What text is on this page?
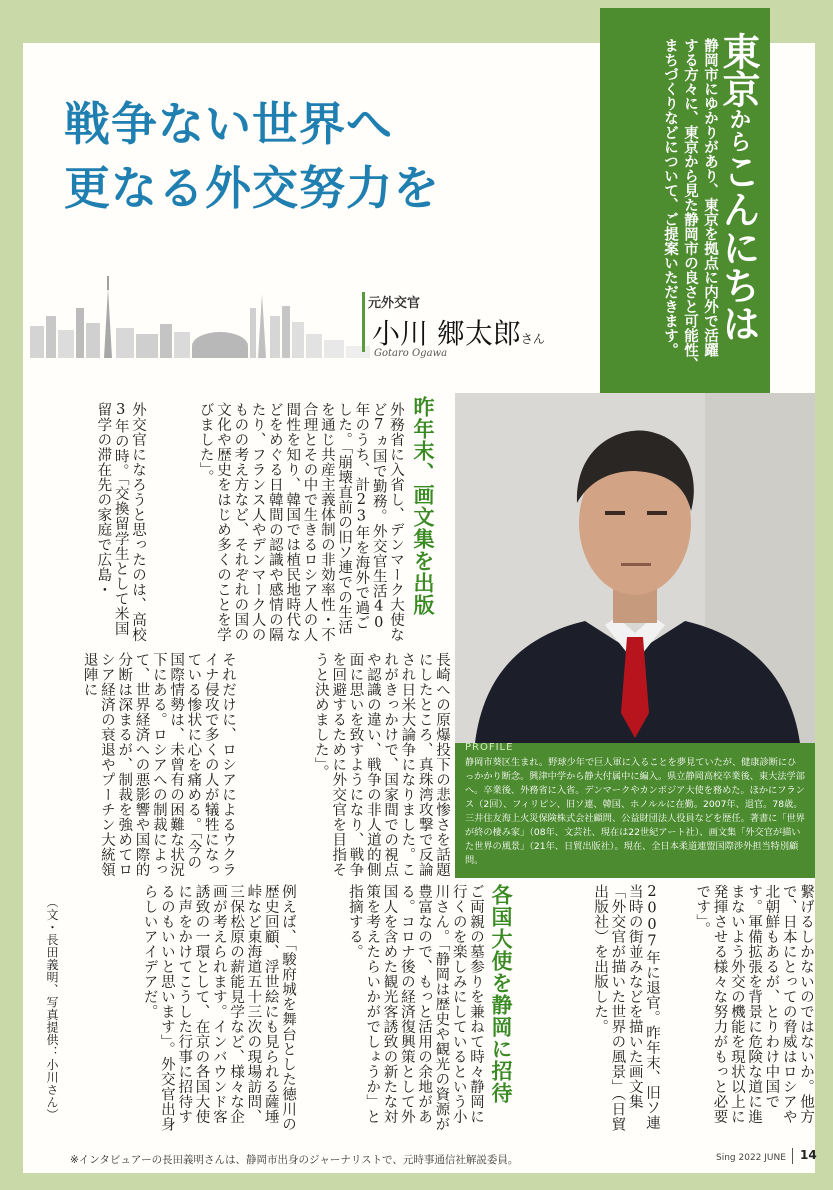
戦争ない世界へ
更なる外交努力を
元外交官
小川 郷太郎さん
Gotaro Ogawa
東京からこんにちは

静岡市にゆかりがあり、東京を拠点に内外で活躍

する方々に、東京から見た静岡市の良さと可能性、

まちづくりなどについて、ご提案いただきます。

PROFILE
静岡市葵区生まれ。野球少年で巨人軍に入ることを夢見ていたが、健康診断にひっかかり断念。興津中学から静大付属中に編入。県立静岡高校卒業後、東大法学部へ。卒業後、外務省に入省。デンマークやカンボジア大使を務めた。ほかにフランス（2回）、フィリピン、旧ソ連、韓国、ホノルルに在勤。2007年、退官。78歳。三井住友海上火災保険株式会社顧問、公益財団法人役員などを歴任。著書に「世界が終の棲み家」（08年、文芸社、現在は22世紀アート社）、画文集「外交官が描いた世界の風景」（21年、日貿出版社）。現在、全日本柔道連盟国際渉外担当特別顧問。
昨年末、画文集を出版
各国大使を静岡に招待

外務省に入省し、デンマーク大使など7ヵ国で勤務。外交官生活40年のうち、計23年を海外で過ごした。「崩壊直前の旧ソ連での生活を通じ共産主義体制の非効率性・不合理とその中で生きるロシア人の人間性を知り、韓国では植民地時代などをめぐる日韓間の認識や感情の隔たり、フランス人やデンマーク人のものの考え方など、それぞれの国の文化や歴史をはじめ多くのことを学びました」。

外交官になろうと思ったのは、高校3年の時。「交換留学生として米国留学の滞在先の家庭で広島・

長崎への原爆投下の悲惨さを話題にしたところ、真珠湾攻撃で反論され日米大論争になりました。これがきっかけで、国家間での視点や認識の違い、戦争の非人道的側面に思いを致すようになり、戦争を回避するために外交官を目指そうと決めました」。

それだけに、ロシアによるウクライナ侵攻で多くの人が犠牲になっている惨状に心を痛める。「今の国際情勢は、未曾有の困難な状況下にある。ロシアへの制裁によって、世界経済への悪影響や国際的分断は深まるが、制裁を強めてロシア経済の衰退やプーチン大統領退陣に

繋げるしかないのではないか。他方で、日本にとっての脅威はロシアや北朝鮮もあるが、とりわけ中国です。軍備拡張を背景に危険な道に進まないよう外交の機能を現状以上に発揮させる様々な努力がもっと必要です」。

2007年に退官。昨年末、旧ソ連当時の街並みなどを描いた画文集「外交官が描いた世界の風景」（日貿出版社）を出版した。

ご両親の墓参りを兼ねて時々静岡に行くのを楽しみにしているという小川さん。「静岡は歴史や観光の資源が豊富なので、もっと活用の余地がある。コロナ後の経済復興策として外国人を含めた観光客誘致の新たな対策を考えたらいかがでしょうか」と指摘する。

例えば、「駿府城を舞台とした徳川の歴史回顧、浮世絵にも見られる薩埵峠など東海道五十三次の現場訪問、三保松原の薪能見学など、様々な企画が考えられます。インバウンド客誘致の一環として、在京の各国大使に声をかけてこうした行事に招待するのもいいと思います」。外交官出身らしいアイデアだ。

（文・長田義明、写真提供：小川さん）
※インタビュアーの長田義明さんは、静岡市出身のジャーナリストで、元時事通信社解説委員。	Sing 2022 JUNE 14
